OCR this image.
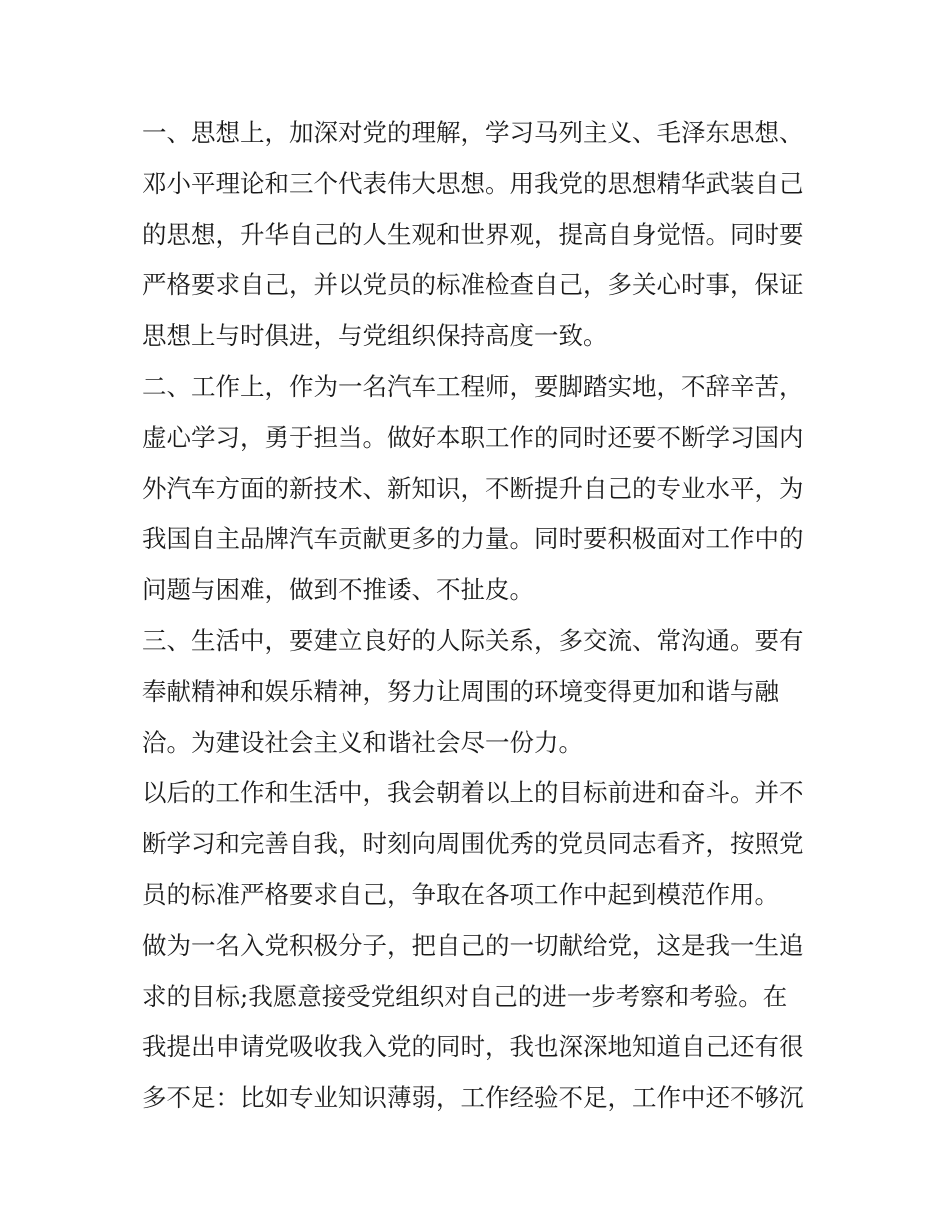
一、思想上，加深对党的理解，学习马列主义、毛泽东思想、
邓小平理论和三个代表伟大思想。用我党的思想精华武装自己
的思想，升华自己的人生观和世界观，提高自身觉悟。同时要
严格要求自己，并以党员的标准检查自己，多关心时事，保证
思想上与时俱进，与党组织保持高度一致。
二、工作上，作为一名汽车工程师，要脚踏实地，不辞辛苦，
虚心学习，勇于担当。做好本职工作的同时还要不断学习国内
外汽车方面的新技术、新知识，不断提升自己的专业水平，为
我国自主品牌汽车贡献更多的力量。同时要积极面对工作中的
问题与困难，做到不推诿、不扯皮。
三、生活中，要建立良好的人际关系，多交流、常沟通。要有
奉献精神和娱乐精神，努力让周围的环境变得更加和谐与融
洽。为建设社会主义和谐社会尽一份力。
以后的工作和生活中，我会朝着以上的目标前进和奋斗。并不
断学习和完善自我，时刻向周围优秀的党员同志看齐，按照党
员的标准严格要求自己，争取在各项工作中起到模范作用。
做为一名入党积极分子，把自己的一切献给党，这是我一生追
求的目标;我愿意接受党组织对自己的进一步考察和考验。在
我提出申请党吸收我入党的同时，我也深深地知道自己还有很
多不足：比如专业知识薄弱，工作经验不足，工作中还不够沉
